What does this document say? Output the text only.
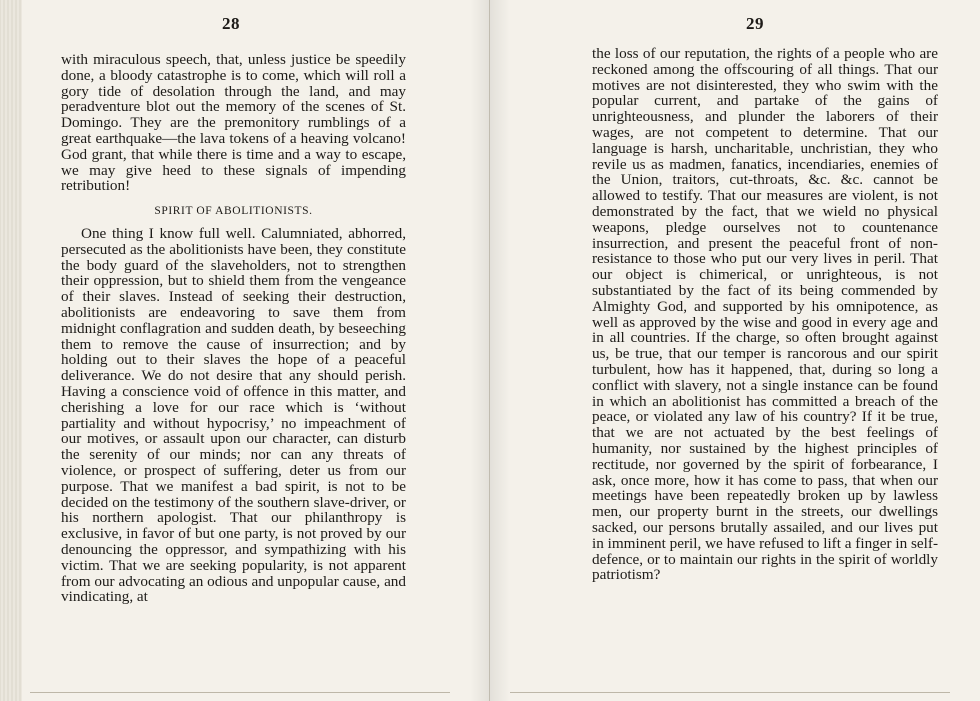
28

with miraculous speech, that, unless justice be speedily done, a bloody catastrophe is to come, which will roll a gory tide of desolation through the land, and may peradventure blot out the memory of the scenes of St. Domingo. They are the premonitory rumblings of a great earthquake—the lava tokens of a heaving volcano! God grant, that while there is time and a way to escape, we may give heed to these signals of impending retribution!

SPIRIT OF ABOLITIONISTS.

One thing I know full well. Calumniated, abhorred, persecuted as the abolitionists have been, they constitute the body guard of the slaveholders, not to strengthen their oppression, but to shield them from the vengeance of their slaves. Instead of seeking their destruction, abolitionists are endeavoring to save them from midnight conflagration and sudden death, by beseeching them to remove the cause of insurrection; and by holding out to their slaves the hope of a peaceful deliverance. We do not desire that any should perish. Having a conscience void of offence in this matter, and cherishing a love for our race which is ‘without partiality and without hypocrisy,’ no impeachment of our motives, or assault upon our character, can disturb the serenity of our minds; nor can any threats of violence, or prospect of suffering, deter us from our purpose. That we manifest a bad spirit, is not to be decided on the testimony of the southern slave-driver, or his northern apologist. That our philanthropy is exclusive, in favor of but one party, is not proved by our denouncing the oppressor, and sympathizing with his victim. That we are seeking popularity, is not apparent from our advocating an odious and unpopular cause, and vindicating, at

29

the loss of our reputation, the rights of a people who are reckoned among the offscouring of all things. That our motives are not disinterested, they who swim with the popular current, and partake of the gains of unrighteousness, and plunder the laborers of their wages, are not competent to determine. That our language is harsh, uncharitable, unchristian, they who revile us as madmen, fanatics, incendiaries, enemies of the Union, traitors, cut-throats, &c. &c. cannot be allowed to testify. That our measures are violent, is not demonstrated by the fact, that we wield no physical weapons, pledge ourselves not to countenance insurrection, and present the peaceful front of non-resistance to those who put our very lives in peril. That our object is chimerical, or unrighteous, is not substantiated by the fact of its being commended by Almighty God, and supported by his omnipotence, as well as approved by the wise and good in every age and in all countries. If the charge, so often brought against us, be true, that our temper is rancorous and our spirit turbulent, how has it happened, that, during so long a conflict with slavery, not a single instance can be found in which an abolitionist has committed a breach of the peace, or violated any law of his country? If it be true, that we are not actuated by the best feelings of humanity, nor sustained by the highest principles of rectitude, nor governed by the spirit of forbearance, I ask, once more, how it has come to pass, that when our meetings have been repeatedly broken up by lawless men, our property burnt in the streets, our dwellings sacked, our persons brutally assailed, and our lives put in imminent peril, we have refused to lift a finger in self-defence, or to maintain our rights in the spirit of worldly patriotism?
